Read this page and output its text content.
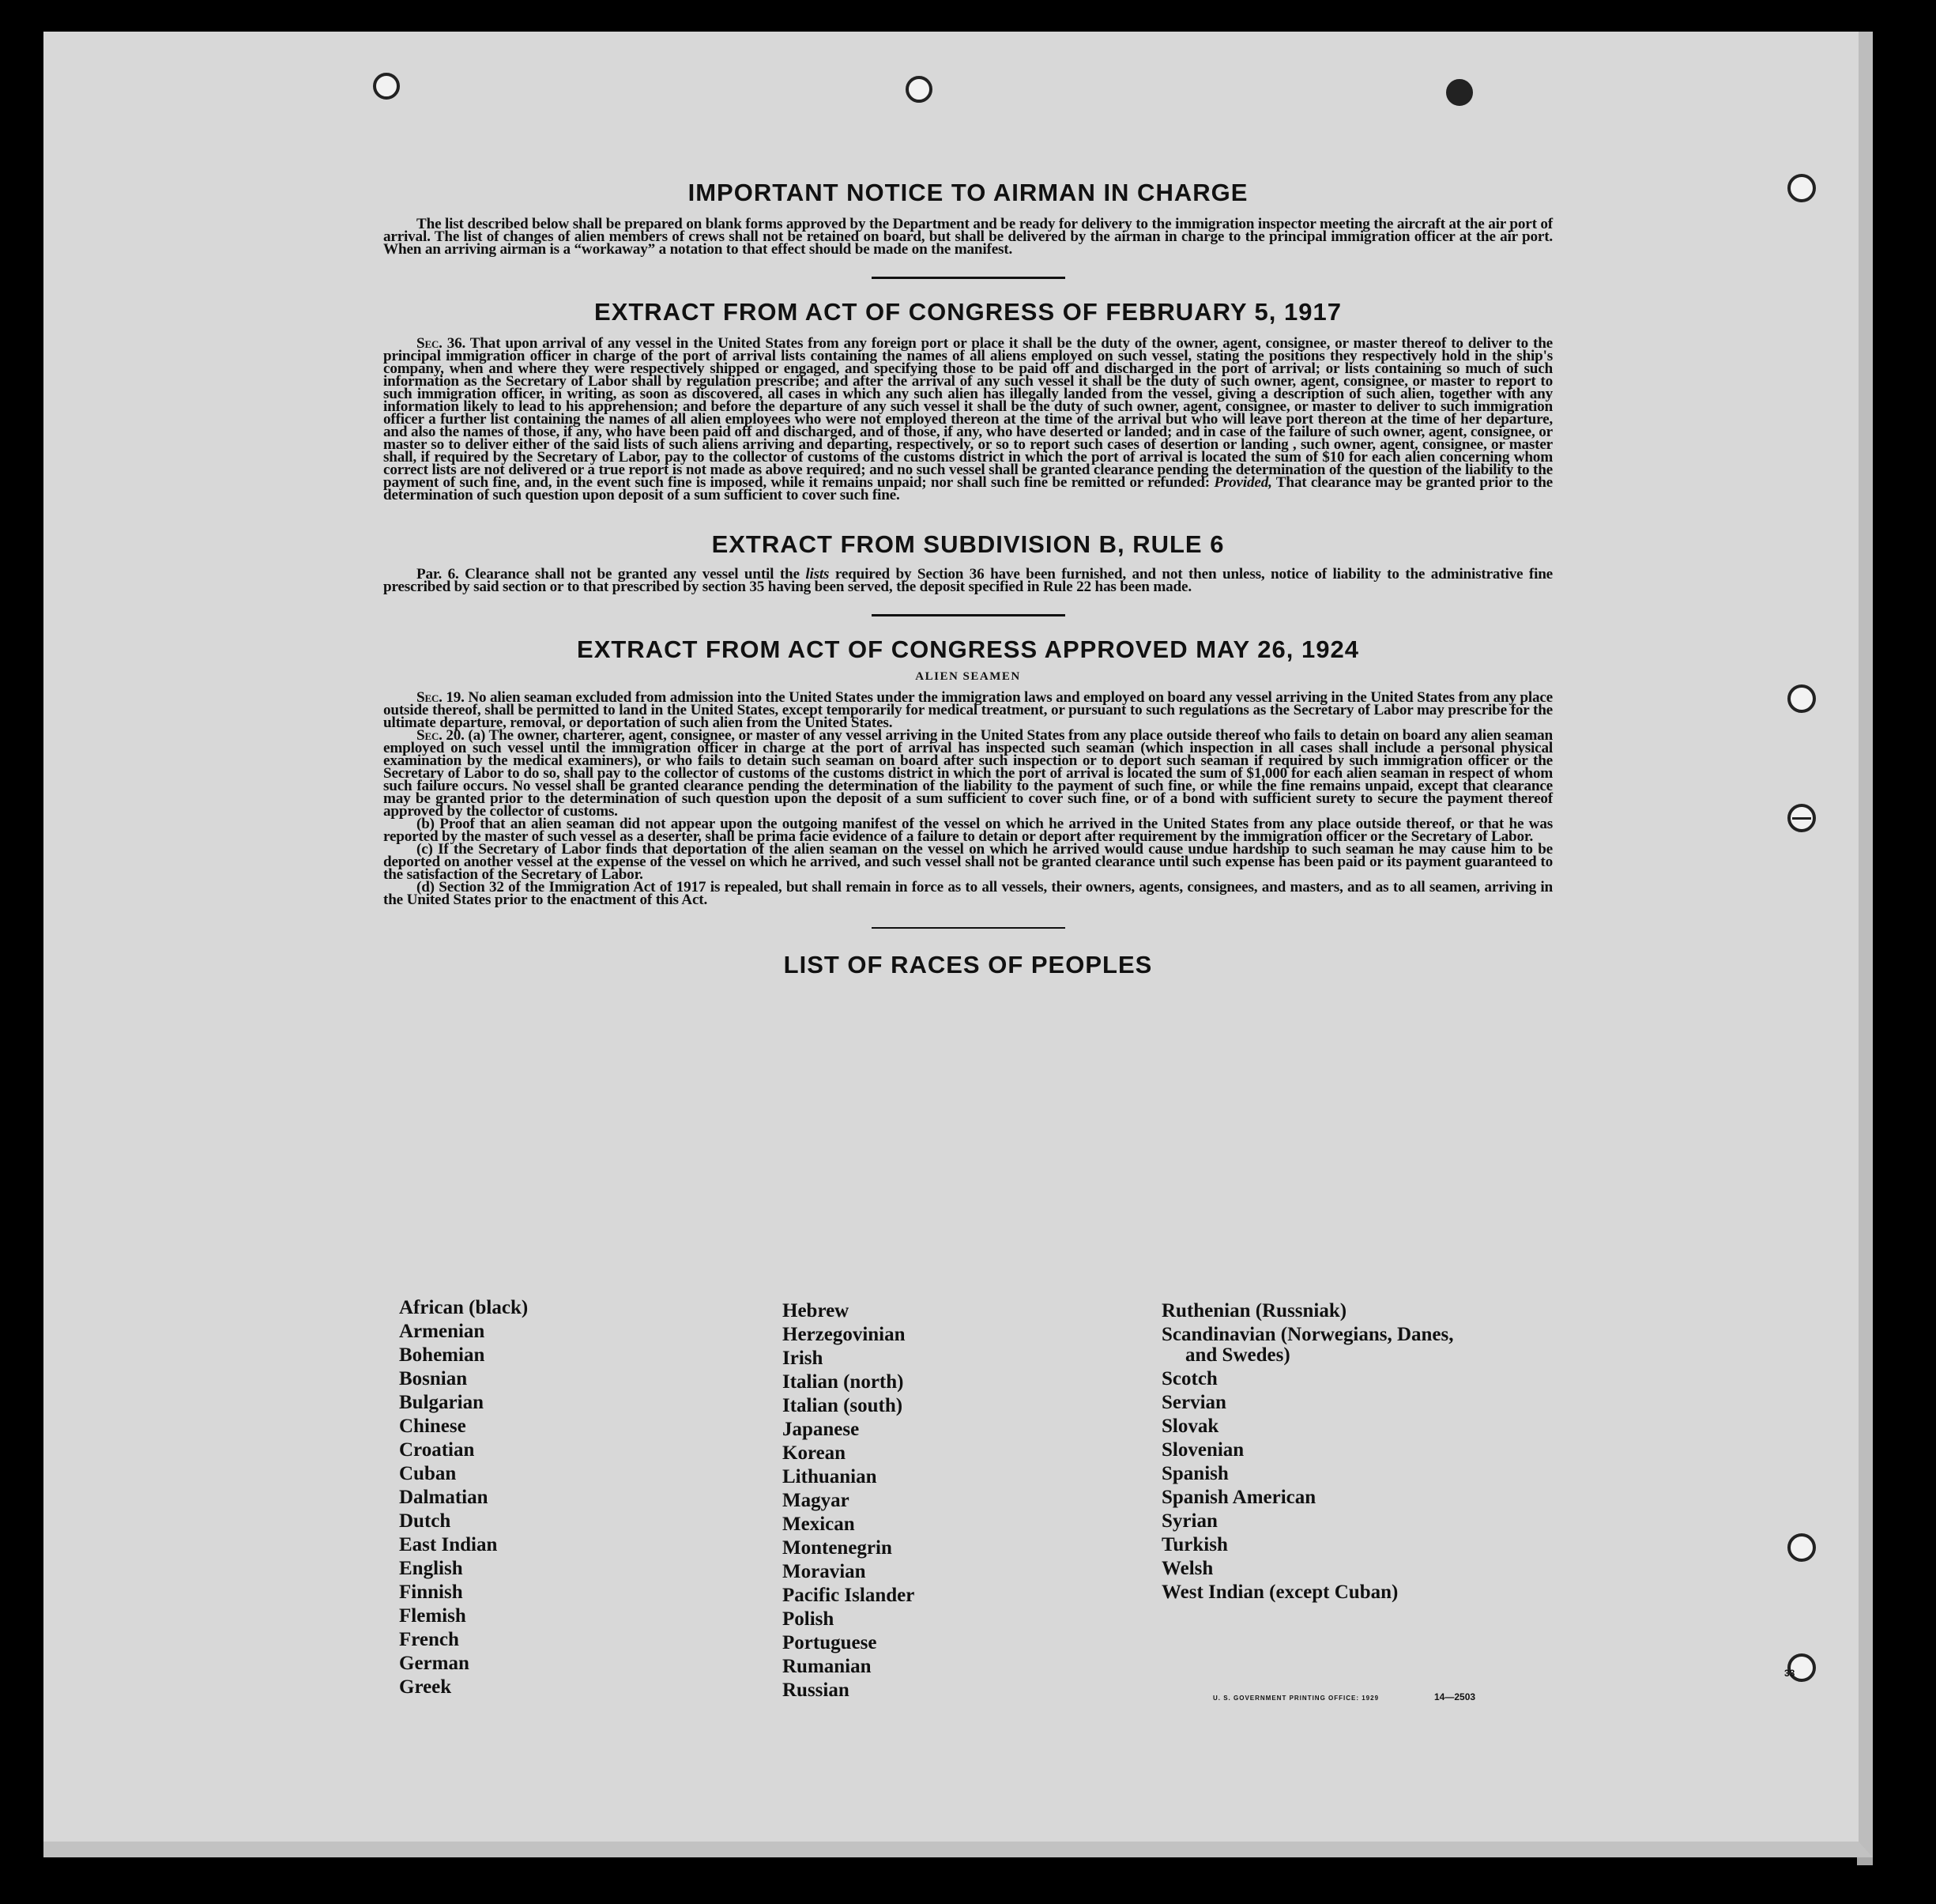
IMPORTANT NOTICE TO AIRMAN IN CHARGE

The list described below shall be prepared on blank forms approved by the Department and be ready for delivery to the immigration inspector meeting the aircraft at the air port of arrival. The list of changes of alien members of crews shall not be retained on board, but shall be delivered by the airman in charge to the principal immigration officer at the air port. When an arriving airman is a “workaway” a notation to that effect should be made on the manifest.

EXTRACT FROM ACT OF CONGRESS OF FEBRUARY 5, 1917

Sec. 36. That upon arrival of any vessel in the United States from any foreign port or place it shall be the duty of the owner, agent, consignee, or master thereof to deliver to the principal immigration officer in charge of the port of arrival lists containing the names of all aliens employed on such vessel, stating the positions they respectively hold in the ship's company, when and where they were respectively shipped or engaged, and specifying those to be paid off and discharged in the port of arrival; or lists containing so much of such information as the Secretary of Labor shall by regulation prescribe; and after the arrival of any such vessel it shall be the duty of such owner, agent, consignee, or master to report to such immigration officer, in writing, as soon as discovered, all cases in which any such alien has illegally landed from the vessel, giving a description of such alien, together with any information likely to lead to his apprehension; and before the departure of any such vessel it shall be the duty of such owner, agent, consignee, or master to deliver to such immigration officer a further list containing the names of all alien employees who were not employed thereon at the time of the arrival but who will leave port thereon at the time of her departure, and also the names of those, if any, who have been paid off and discharged, and of those, if any, who have deserted or landed; and in case of the failure of such owner, agent, consignee, or master so to deliver either of the said lists of such aliens arriving and departing, respectively, or so to report such cases of desertion or landing , such owner, agent, consignee, or master shall, if required by the Secretary of Labor, pay to the collector of customs of the customs district in which the port of arrival is located the sum of $10 for each alien concerning whom correct lists are not delivered or a true report is not made as above required; and no such vessel shall be granted clearance pending the determination of the question of the liability to the payment of such fine, and, in the event such fine is imposed, while it remains unpaid; nor shall such fine be remitted or refunded: Provided, That clearance may be granted prior to the determination of such question upon deposit of a sum sufficient to cover such fine.

EXTRACT FROM SUBDIVISION B, RULE 6

Par. 6. Clearance shall not be granted any vessel until the lists required by Section 36 have been furnished, and not then unless, notice of liability to the administrative fine prescribed by said section or to that prescribed by section 35 having been served, the deposit specified in Rule 22 has been made.

EXTRACT FROM ACT OF CONGRESS APPROVED MAY 26, 1924
ALIEN SEAMEN

Sec. 19. No alien seaman excluded from admission into the United States under the immigration laws and employed on board any vessel arriving in the United States from any place outside thereof, shall be permitted to land in the United States, except temporarily for medical treatment, or pursuant to such regulations as the Secretary of Labor may prescribe for the ultimate departure, removal, or deportation of such alien from the United States.

Sec. 20. (a) The owner, charterer, agent, consignee, or master of any vessel arriving in the United States from any place outside thereof who fails to detain on board any alien seaman employed on such vessel until the immigration officer in charge at the port of arrival has inspected such seaman (which inspection in all cases shall include a personal physical examination by the medical examiners), or who fails to detain such seaman on board after such inspection or to deport such seaman if required by such immigration officer or the Secretary of Labor to do so, shall pay to the collector of customs of the customs district in which the port of arrival is located the sum of $1,000 for each alien seaman in respect of whom such failure occurs. No vessel shall be granted clearance pending the determination of the liability to the payment of such fine, or while the fine remains unpaid, except that clearance may be granted prior to the determination of such question upon the deposit of a sum sufficient to cover such fine, or of a bond with sufficient surety to secure the payment thereof approved by the collector of customs.

(b) Proof that an alien seaman did not appear upon the outgoing manifest of the vessel on which he arrived in the United States from any place outside thereof, or that he was reported by the master of such vessel as a deserter, shall be prima facie evidence of a failure to detain or deport after requirement by the immigration officer or the Secretary of Labor.

(c) If the Secretary of Labor finds that deportation of the alien seaman on the vessel on which he arrived would cause undue hardship to such seaman he may cause him to be deported on another vessel at the expense of the vessel on which he arrived, and such vessel shall not be granted clearance until such expense has been paid or its payment guaranteed to the satisfaction of the Secretary of Labor.

(d) Section 32 of the Immigration Act of 1917 is repealed, but shall remain in force as to all vessels, their owners, agents, consignees, and masters, and as to all seamen, arriving in the United States prior to the enactment of this Act.

LIST OF RACES OF PEOPLES
African (black)
Armenian
Bohemian
Bosnian
Bulgarian
Chinese
Croatian
Cuban
Dalmatian
Dutch
East Indian
English
Finnish
Flemish
French
German
Greek
Hebrew
Herzegovinian
Irish
Italian (north)
Italian (south)
Japanese
Korean
Lithuanian
Magyar
Mexican
Montenegrin
Moravian
Pacific Islander
Polish
Portuguese
Rumanian
Russian
Ruthenian (Russniak)
Scandinavian (Norwegians, Danes,
and Swedes)
Scotch
Servian
Slovak
Slovenian
Spanish
Spanish American
Syrian
Turkish
Welsh
West Indian (except Cuban)
U. S. GOVERNMENT PRINTING OFFICE: 1929	14—2503
33
